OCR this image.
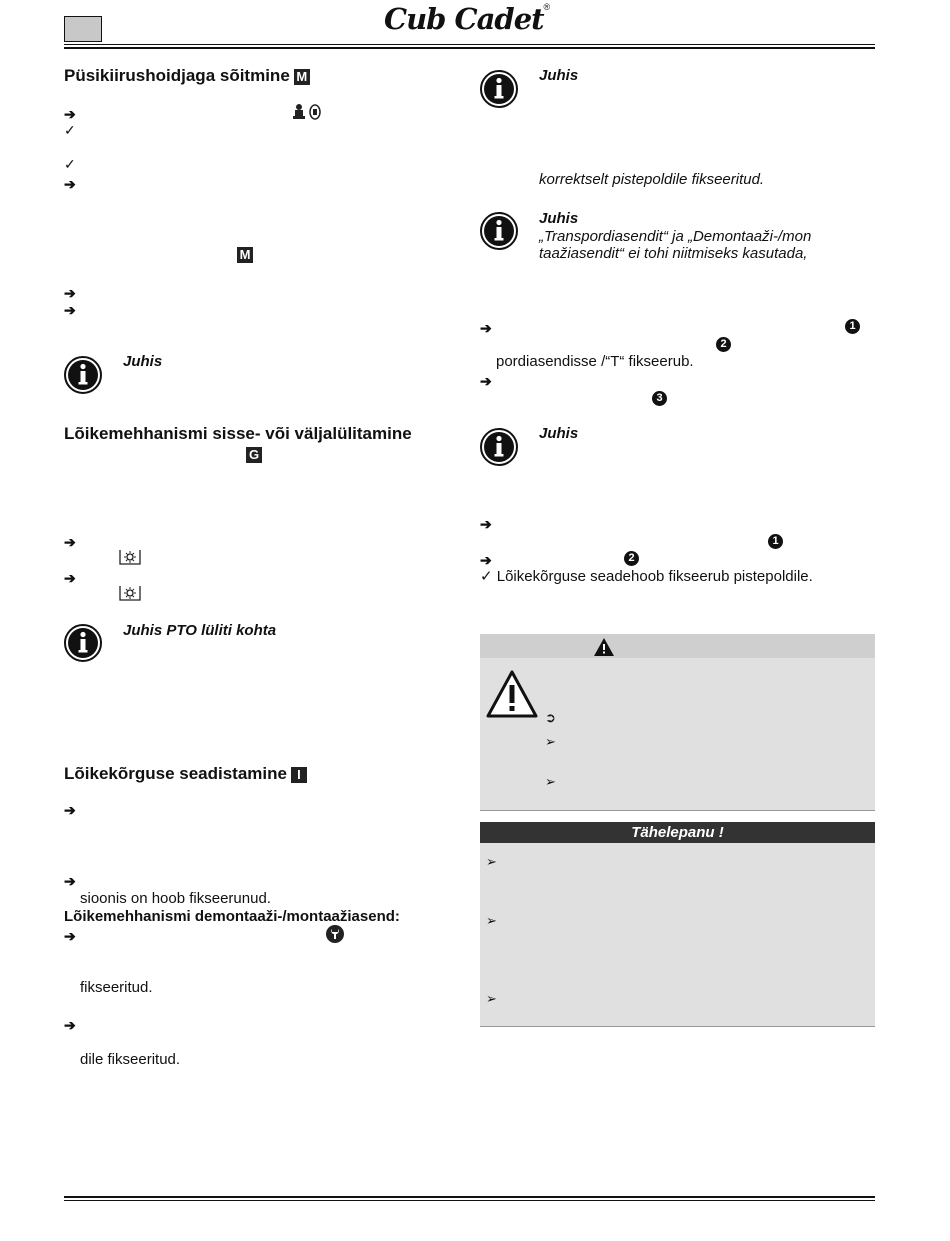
Cub Cadet®
Püsikiirushoidjaga sõitmine M
➔
✓
✓
➔
M
➔
➔
Juhis
Lõikemehhanismi sisse- või väljalülitamine
G
➔
➔
Juhis PTO lüliti kohta
Lõikekõrguse seadistamine I
➔
➔
sioonis on hoob fikseerunud.
Lõikemehhanismi demontaaži-/montaažiasend:
➔
fikseeritud.
➔
dile fikseeritud.
Juhis
korrektselt pistepoldile fikseeritud.
Juhis
„Transpordiasendit“ ja „Demontaaži-/mon
taažiasendit“ ei tohi niitmiseks kasutada,
➔	1
2
pordiasendisse /“T“ fikseerub.
➔
3
Juhis
➔
1
➔	2
✓ Lõikekõrguse seadehoob fikseerub pistepoldile.
➲
➢
➢
Tähelepanu !
➢
➢
➢
